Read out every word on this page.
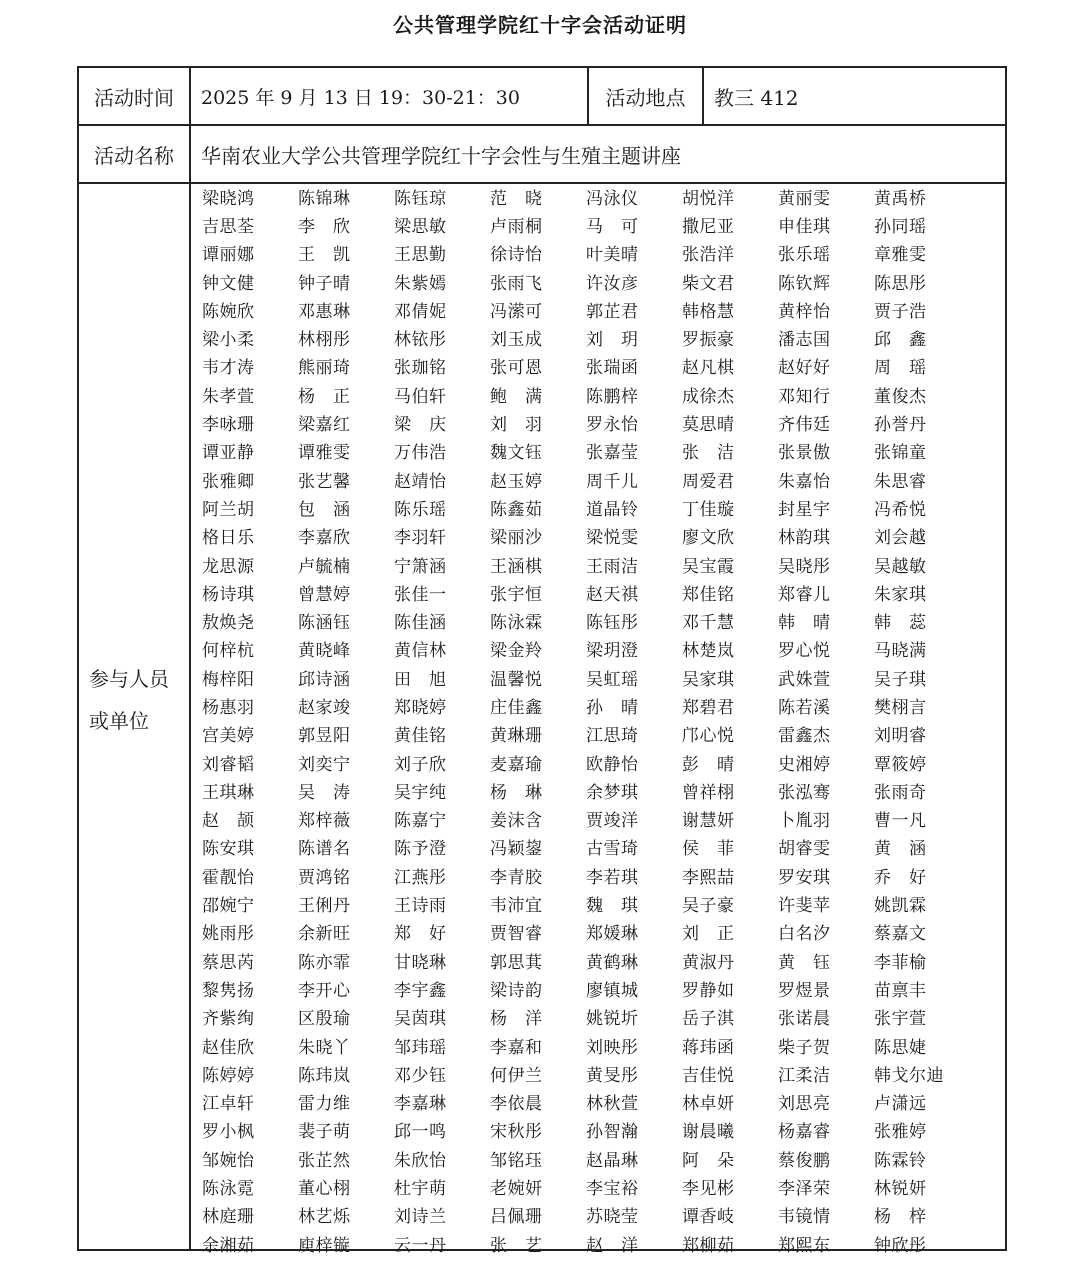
公共管理学院红十字会活动证明
活动时间	2025 年 9 月 13 日 19：30-21：30	活动地点	教三 412
活动名称	华南农业大学公共管理学院红十字会性与生殖主题讲座
参与人员
或单位
梁晓鸿	陈锦琳	陈钰琼	范　晓	冯泳仪	胡悦洋	黄丽雯	黄禹桥
吉思荃	李　欣	梁思敏	卢雨桐	马　可	撒尼亚	申佳琪	孙同瑶
谭丽娜	王　凯	王思勤	徐诗怡	叶美晴	张浩洋	张乐瑶	章雅雯
钟文健	钟子晴	朱紫嫣	张雨飞	许汝彦	柴文君	陈钦辉	陈思彤
陈婉欣	邓惠琳	邓倩妮	冯潆可	郭芷君	韩格慧	黄梓怡	贾子浩
梁小柔	林栩彤	林铱彤	刘玉成	刘　玥	罗振豪	潘志国	邱　鑫
韦才涛	熊丽琦	张珈铭	张可恩	张瑞函	赵凡棋	赵好好	周　瑶
朱孝萱	杨　正	马伯轩	鲍　满	陈鹏梓	成徐杰	邓知行	董俊杰
李咏珊	梁嘉红	梁　庆	刘　羽	罗永怡	莫思晴	齐伟廷	孙誉丹
谭亚静	谭雅雯	万伟浩	魏文钰	张嘉莹	张　洁	张景傲	张锦童
张雅卿	张艺馨	赵靖怡	赵玉婷	周千儿	周爱君	朱嘉怡	朱思睿
阿兰胡	包　涵	陈乐瑶	陈鑫茹	道晶铃	丁佳璇	封星宇	冯希悦
格日乐	李嘉欣	李羽轩	梁丽沙	梁悦雯	廖文欣	林韵琪	刘会越
龙思源	卢毓楠	宁箫涵	王涵棋	王雨洁	吴宝霞	吴晓彤	吴越敏
杨诗琪	曾慧婷	张佳一	张宇恒	赵天祺	郑佳铭	郑睿儿	朱家琪
敖焕尧	陈涵钰	陈佳涵	陈泳霖	陈钰彤	邓千慧	韩　晴	韩　蕊
何梓杭	黄晓峰	黄信林	梁金羚	梁玥澄	林楚岚	罗心悦	马晓满
梅梓阳	邱诗涵	田　旭	温馨悦	吴虹瑶	吴家琪	武姝萱	吴子琪
杨惠羽	赵家竣	郑晓婷	庄佳鑫	孙　晴	郑碧君	陈若溪	樊栩言
宫美婷	郭昱阳	黄佳铭	黄琳珊	江思琦	邝心悦	雷鑫杰	刘明睿
刘睿韬	刘奕宁	刘子欣	麦嘉瑜	欧静怡	彭　晴	史湘婷	覃筱婷
王琪琳	吴　涛	吴宇纯	杨　琳	余梦琪	曾祥栩	张泓骞	张雨奇
赵　颉	郑梓薇	陈嘉宁	姜沫含	贾竣洋	谢慧妍	卜胤羽	曹一凡
陈安琪	陈谱名	陈予澄	冯颖鋆	古雪琦	侯　菲	胡睿雯	黄　涵
霍靓怡	贾鸿铭	江燕彤	李青胶	李若琪	李熙喆	罗安琪	乔　好
邵婉宁	王俐丹	王诗雨	韦沛宜	魏　琪	吴子豪	许斐苹	姚凯霖
姚雨彤	余新旺	郑　好	贾智睿	郑媛琳	刘　正	白名汐	蔡嘉文
蔡思芮	陈亦霏	甘晓琳	郭思萁	黄鹤琳	黄淑丹	黄　钰	李菲榆
黎隽扬	李开心	李宇鑫	梁诗韵	廖镇城	罗静如	罗煜景	苗禀丰
齐紫绚	区殷瑜	吴茵琪	杨　洋	姚锐圻	岳子淇	张诺晨	张宇萱
赵佳欣	朱晓丫	邹玮瑶	李嘉和	刘映彤	蒋玮函	柴子贺	陈思婕
陈婷婷	陈玮岚	邓少钰	何伊兰	黄旻彤	吉佳悦	江柔洁	韩戈尔迪
江卓轩	雷力维	李嘉琳	李依晨	林秋萱	林卓妍	刘思亮	卢潇远
罗小枫	裴子萌	邱一鸣	宋秋彤	孙智瀚	谢晨曦	杨嘉睿	张雅婷
邹婉怡	张芷然	朱欣怡	邹铭珏	赵晶琳	阿　朵	蔡俊鹏	陈霖铃
陈泳霓	董心栩	杜宇萌	老婉妍	李宝裕	李见彬	李泽荣	林锐妍
林庭珊	林艺烁	刘诗兰	吕佩珊	苏晓莹	谭香岐	韦镜情	杨　梓
余湘茹	庾梓镟	云一丹	张　艺	赵　洋	郑柳茹	郑熙东	钟欣彤
